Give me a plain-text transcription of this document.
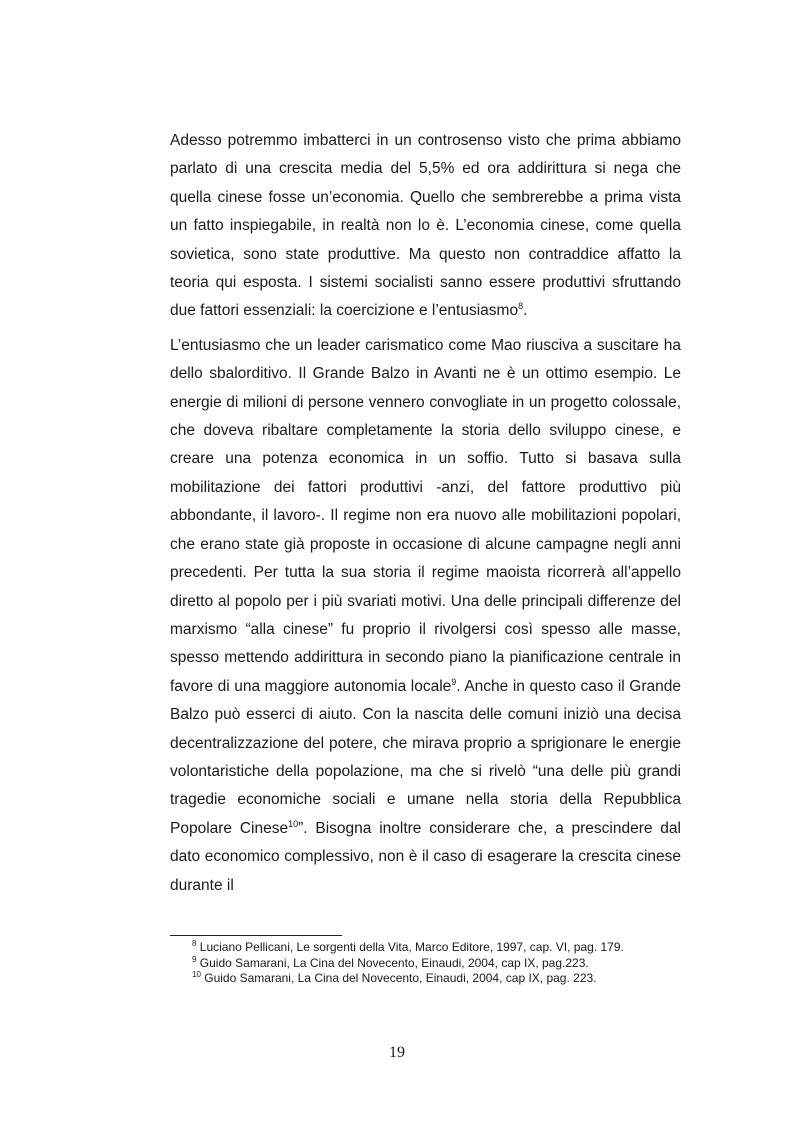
Adesso potremmo imbatterci in un controsenso visto che prima abbiamo parlato di una crescita media del 5,5% ed ora addirittura si nega che quella cinese fosse un’economia. Quello che sembrerebbe a prima vista un fatto inspiegabile, in realtà non lo è. L’economia cinese, come quella sovietica, sono state produttive. Ma questo non contraddice affatto la teoria qui esposta. I sistemi socialisti sanno essere produttivi sfruttando due fattori essenziali: la coercizione e l’entusiasmo$^8$.

L’entusiasmo che un leader carismatico come Mao riusciva a suscitare ha dello sbalorditivo. Il Grande Balzo in Avanti ne è un ottimo esempio. Le energie di milioni di persone vennero convogliate in un progetto colossale, che doveva ribaltare completamente la storia dello sviluppo cinese, e creare una potenza economica in un soffio. Tutto si basava sulla mobilitazione dei fattori produttivi -anzi, del fattore produttivo più abbondante, il lavoro-. Il regime non era nuovo alle mobilitazioni popolari, che erano state già proposte in occasione di alcune campagne negli anni precedenti. Per tutta la sua storia il regime maoista ricorrerà all’appello diretto al popolo per i più svariati motivi. Una delle principali differenze del marxismo “alla cinese” fu proprio il rivolgersi così spesso alle masse, spesso mettendo addirittura in secondo piano la pianificazione centrale in favore di una maggiore autonomia locale$^9$. Anche in questo caso il Grande Balzo può esserci di aiuto. Con la nascita delle comuni iniziò una decisa decentralizzazione del potere, che mirava proprio a sprigionare le energie volontaristiche della popolazione, ma che si rivelò “una delle più grandi tragedie economiche sociali e umane nella storia della Repubblica Popolare Cinese$^{10}$”. Bisogna inoltre considerare che, a prescindere dal dato economico complessivo, non è il caso di esagerare la crescita cinese durante il

$^8$ Luciano Pellicani, Le sorgenti della Vita, Marco Editore, 1997, cap. VI, pag. 179.
$^9$ Guido Samarani, La Cina del Novecento, Einaudi, 2004, cap IX, pag.223.
$^{10}$ Guido Samarani, La Cina del Novecento, Einaudi, 2004, cap IX, pag. 223.
19
